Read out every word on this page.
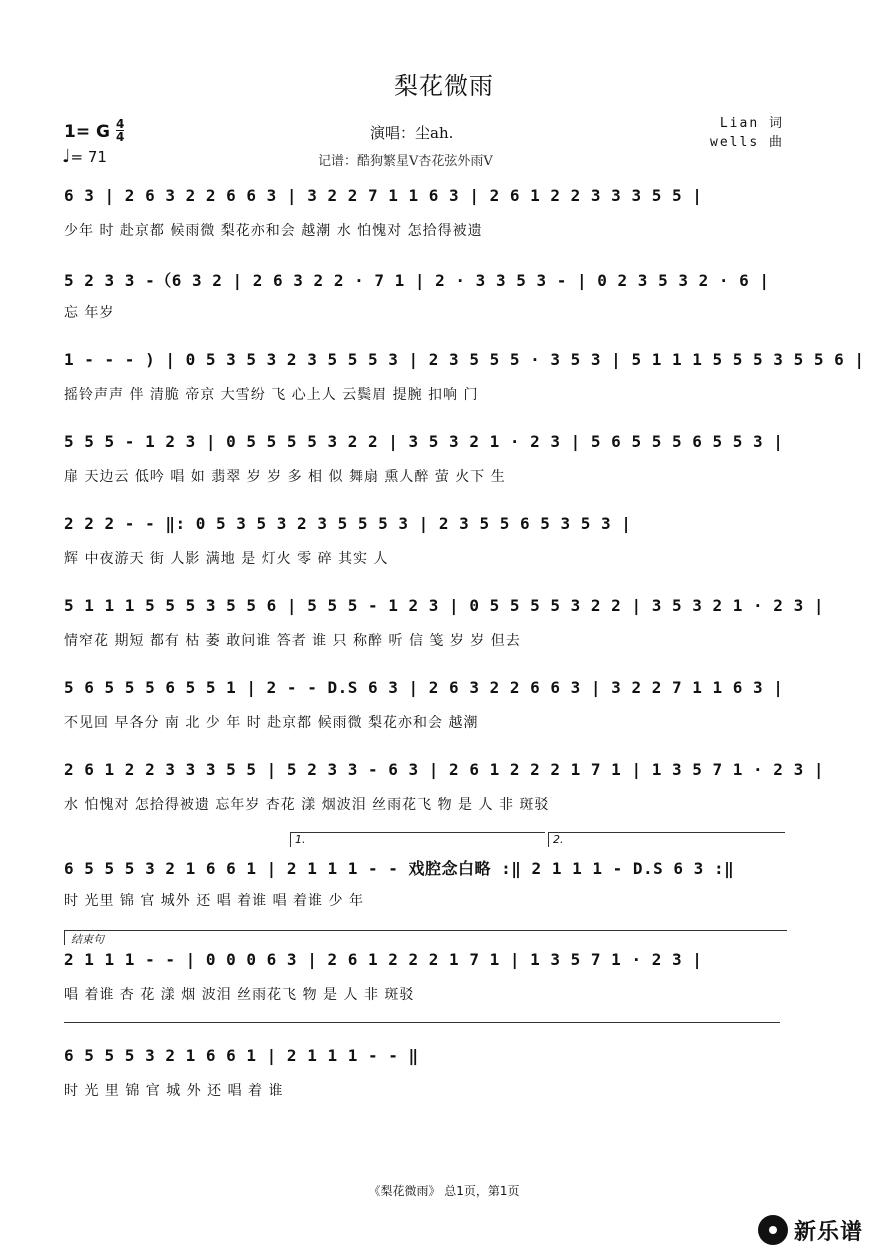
梨花微雨
1= G 4
4
♩= 71
演唱：尘ah.
记谱：酷狗繁星V杏花弦外雨V
Lian 词
wells 曲
6 3 | 2 6 3 2 2 6 6 3 | 3 2 2 7 1 1 6 3 | 2 6 1 2 2 3 3 3 5 5 |
少年 时 赴京都 候雨微 梨花亦和会 越潮 水 怕愧对 怎拾得被遗
5 2 3 3 -（6 3 2 | 2 6 3 2 2 · 7 1 | 2 · 3 3 5 3 - | 0 2 3 5 3 2 · 6 |
忘 年岁
1 - - - ) | 0 5 3 5 3 2 3 5 5 5 3 | 2 3 5 5 5 · 3 5 3 | 5 1 1 1 5 5 5 3 5 5 6 |
摇铃声声 伴 清脆 帝京 大雪纷 飞 心上人 云鬓眉 提腕 扣响 门
5 5 5 - 1 2 3 | 0 5 5 5 5 3 2 2 | 3 5 3 2 1 · 2 3 | 5 6 5 5 5 6 5 5 3 |
扉 天边云 低吟 唱 如 翡翠 岁 岁 多 相 似 舞扇 熏人醉 萤 火下 生
2 2 2 - - ‖: 0 5 3 5 3 2 3 5 5 5 3 | 2 3 5 5 6 5 3 5 3 |
辉 中夜游天 街 人影 满地 是 灯火 零 碎 其实 人
5 1 1 1 5 5 5 3 5 5 6 | 5 5 5 - 1 2 3 | 0 5 5 5 5 3 2 2 | 3 5 3 2 1 · 2 3 |
情窄花 期短 都有 枯 萎 敢问谁 答者 谁 只 称醉 听 信 笺 岁 岁 但去
5 6 5 5 5 6 5 5 1 | 2 - - D.S 6 3 | 2 6 3 2 2 6 6 3 | 3 2 2 7 1 1 6 3 |
不见回 早各分 南 北 少 年 时 赴京都 候雨微 梨花亦和会 越潮
2 6 1 2 2 3 3 3 5 5 | 5 2 3 3 - 6 3 | 2 6 1 2 2 2 1 7 1 | 1 3 5 7 1 · 2 3 |
水 怕愧对 怎拾得被遗 忘年岁 杏花 漾 烟波泪 丝雨花飞 物 是 人 非 斑驳
1.	2.
6 5 5 5 3 2 1 6 6 1 | 2 1 1 1 - - 戏腔念白略 :‖ 2 1 1 1 - D.S 6 3 :‖
时 光里 锦 官 城外 还 唱 着谁 唱 着谁 少 年
结束句
2 1 1 1 - - | 0 0 0 6 3 | 2 6 1 2 2 2 1 7 1 | 1 3 5 7 1 · 2 3 |
唱 着谁 杏 花 漾 烟 波泪 丝雨花飞 物 是 人 非 斑驳
6 5 5 5 3 2 1 6 6 1 | 2 1 1 1 - - ‖
时 光 里 锦 官 城 外 还 唱 着 谁
《梨花微雨》 总1页，第1页
新乐谱
